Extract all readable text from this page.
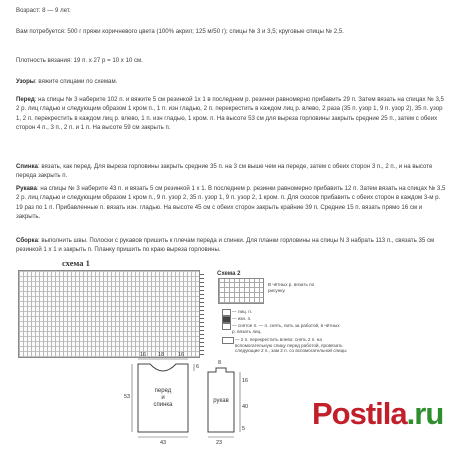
Возраст: 8 — 9 лет.

Вам потребуется: 500 г пряжи коричневого цвета (100% акрил; 125 м/50 г); спицы № 3 и 3,5; круговые спицы № 2,5.

Плотность вязания: 19 п. х 27 р = 10 х 10 см.

Узоры: вяжите спицами по схемам.

Перед: на спицы № 3 наберите 102 п. и вяжите 5 см резинкой 1х 1 в последнем р. резинки равномерно прибавить 29 п. Затем вязать на спицах № 3,5 2 р. лиц гладью и следующим образом 1 кром п., 1 п. изн гладью, 2 п. перекрестить в каждом лиц р. влево, 2 раза (35 п. узор 1, 9 п. узор 2), 35 п. узор 1, 2 п. перекрестить в каждом лиц р. влево, 1 п. изн гладью, 1 кром. п. На высоте 53 см для выреза горловины закрыть средние 25 п., затем с обеих сторон 4 п., 3 п., 2 п. и 1 п. На высоте 59 см закрыть п.

Спинка: вязать, как перед. Для выреза горловины закрыть средние 35 п. на 3 см выше чем на переде, затем с обеих сторон 3 п., 2 п., и на высоте переда закрыть п.

Рукава: на спицы № 3 наберите 43 п. и вязать 5 см резинкой 1 х 1. В последнем р. резинки равномерно прибавить 12 п. Затем вязать на спицах № 3,5 2 р. лиц гладью и следующим образом 1 кром п., 9 п. узор 2, 35 п. узор 1, 9 п. узор 2, 1 кром. п. Для скосов прибавить с обеих сторон в каждом 3-м р. 19 раз по 1 п. Прибавленные п. вязать изн. гладью. На высоте 45 см с обеих сторон закрыть крайние 39 п. Средние 15 п. вязать прямо 16 см и закрыть.

Сборка: выполнить швы. Полоски с рукавов пришить к плечам переда и спинки. Для планки горловины на спицы N 3 набрать 113 п., связать 35 см резинкой 1 х 1 и закрыть п. Планку пришить по краю выреза горловины.

схема 1
Схема 2
В чётных р. вязать по рисунку.
— лиц. п.
— изн. п.
— снятое п. — п. снять, пить за работой, в чётных р. вязать лиц.
— 2 п. перекрестить влево: снять 2 п. на вспомогательную спицу перед работой, провязать следующие 2 п., зам 2 п. со вспомогательной спицы
перед
и
спинка
рукав
16 18	16
53
6
43
8
16
40
23
5 Postila.ru
